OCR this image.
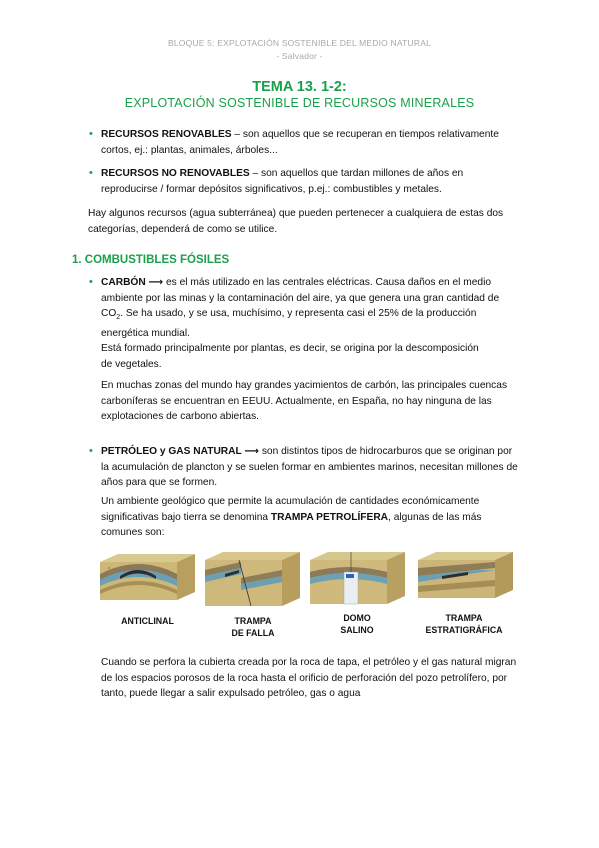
BLOQUE 5: EXPLOTACIÓN SOSTENIBLE DEL MEDIO NATURAL
- Salvador -
TEMA 13. 1-2:
EXPLOTACIÓN SOSTENIBLE DE RECURSOS MINERALES
• RECURSOS RENOVABLES – son aquellos que se recuperan en tiempos relativamente cortos, ej.: plantas, animales, árboles...
• RECURSOS NO RENOVABLES – son aquellos que tardan millones de años en reproducirse / formar depósitos significativos, p.ej.: combustibles y metales.
Hay algunos recursos (agua subterránea) que pueden pertenecer a cualquiera de estas dos categorías, dependerá de como se utilice.
1. COMBUSTIBLES FÓSILES
• CARBÓN ⟶ es el más utilizado en las centrales eléctricas. Causa daños en el medio ambiente por las minas y la contaminación del aire, ya que genera una gran cantidad de $CO_2$. Se ha usado, y se usa, muchísimo, y representa casi el 25% de la producción energética mundial.
Está formado principalmente por plantas, es decir, se origina por la descomposición de vegetales.
En muchas zonas del mundo hay grandes yacimientos de carbón, las principales cuencas carboníferas se encuentran en EEUU. Actualmente, en España, no hay ninguna de las explotaciones de carbono abiertas.
• PETRÓLEO y GAS NATURAL ⟶ son distintos tipos de hidrocarburos que se originan por la acumulación de plancton y se suelen formar en ambientes marinos, necesitan millones de años para que se formen.
Un ambiente geológico que permite la acumulación de cantidades económicamente significativas bajo tierra se denomina TRAMPA PETROLÍFERA, algunas de las más comunes son:
ANTICLINAL	TRAMPA
DE FALLA
DOMO
SALINO
TRAMPA
ESTRATIGRÁFICA
Cuando se perfora la cubierta creada por la roca de tapa, el petróleo y el gas natural migran de los espacios porosos de la roca hasta el orificio de perforación del pozo petrolífero, por tanto, puede llegar a salir expulsado petróleo, gas o agua
